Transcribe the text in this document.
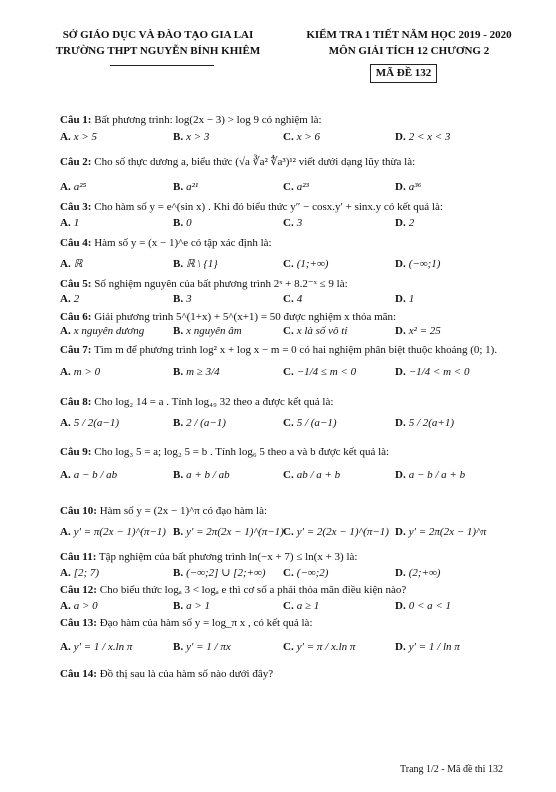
SỞ GIÁO DỤC VÀ ĐÀO TẠO GIA LAI
TRƯỜNG THPT NGUYỄN BỈNH KHIÊM
KIỂM TRA 1 TIẾT NĂM HỌC 2019 - 2020
MÔN GIẢI TÍCH 12 CHƯƠNG 2
MÃ ĐỀ 132
Câu 1: Bất phương trình: log(2x − 3) > log 9 có nghiệm là:
A. x > 5	B. x > 3	C. x > 6	D. 2 < x < 3
Câu 2: Cho số thực dương a, biểu thức (√a ∛a² ∜a³)¹² viết dưới dạng lũy thừa là:
A. a²⁵	B. a²¹	C. a²³	D. a³⁶
Câu 3: Cho hàm số y = e^(sin x) . Khi đó biểu thức y″ − cosx.y′ + sinx.y có kết quả là:
A. 1	B. 0	C. 3	D. 2
Câu 4: Hàm số y = (x − 1)^e có tập xác định là:
A. ℝ	B. ℝ \ {1}	C. (1;+∞)	D. (−∞;1)
Câu 5: Số nghiệm nguyên của bất phương trình 2ˣ + 8.2⁻ˣ ≤ 9 là:
A. 2	B. 3	C. 4	D. 1
Câu 6: Giải phương trình 5^(1+x) + 5^(x+1) = 50 được nghiệm x thỏa mãn:
A. x nguyên dương	B. x nguyên âm	C. x là số vô tỉ	D. x² = 25
Câu 7: Tìm m để phương trình log² x + log x − m = 0 có hai nghiệm phân biệt thuộc khoảng (0; 1).
A. m > 0	B. m ≥ 3/4	C. −1/4 ≤ m < 0	D. −1/4 < m < 0
Câu 8: Cho log₂ 14 = a . Tính log₄₉ 32 theo a được kết quả là:
A. 5 / 2(a−1)	B. 2 / (a−1)	C. 5 / (a−1)	D. 5 / 2(a+1)
Câu 9: Cho log₃ 5 = a; log₂ 5 = b . Tính log₆ 5 theo a và b được kết quả là:
A. a − b / ab	B. a + b / ab	C. ab / a + b	D. a − b / a + b
Câu 10: Hàm số y = (2x − 1)^π có đạo hàm là:
A. y′ = π(2x − 1)^(π−1) B. y′ = 2π(2x − 1)^(π−1) C. y′ = 2(2x − 1)^(π−1) D. y′ = 2π(2x − 1)^π
Câu 11: Tập nghiệm của bất phương trình ln(−x + 7) ≤ ln(x + 3) là:
A. [2; 7)	B. (−∞;2] ∪ [2;+∞) C. (−∞;2)	D. (2;+∞)
Câu 12: Cho biểu thức logₐ 3 < logₐ e thì cơ số a phải thỏa mãn điều kiện nào?
A. a > 0	B. a > 1	C. a ≥ 1	D. 0 < a < 1
Câu 13: Đạo hàm của hàm số y = log_π x , có kết quả là:
A. y′ = 1 / x.ln π	B. y′ = 1 / πx	C. y′ = π / x.ln π	D. y′ = 1 / ln π
Câu 14: Đồ thị sau là của hàm số nào dưới đây?
Trang 1/2 - Mã đề thi 132
